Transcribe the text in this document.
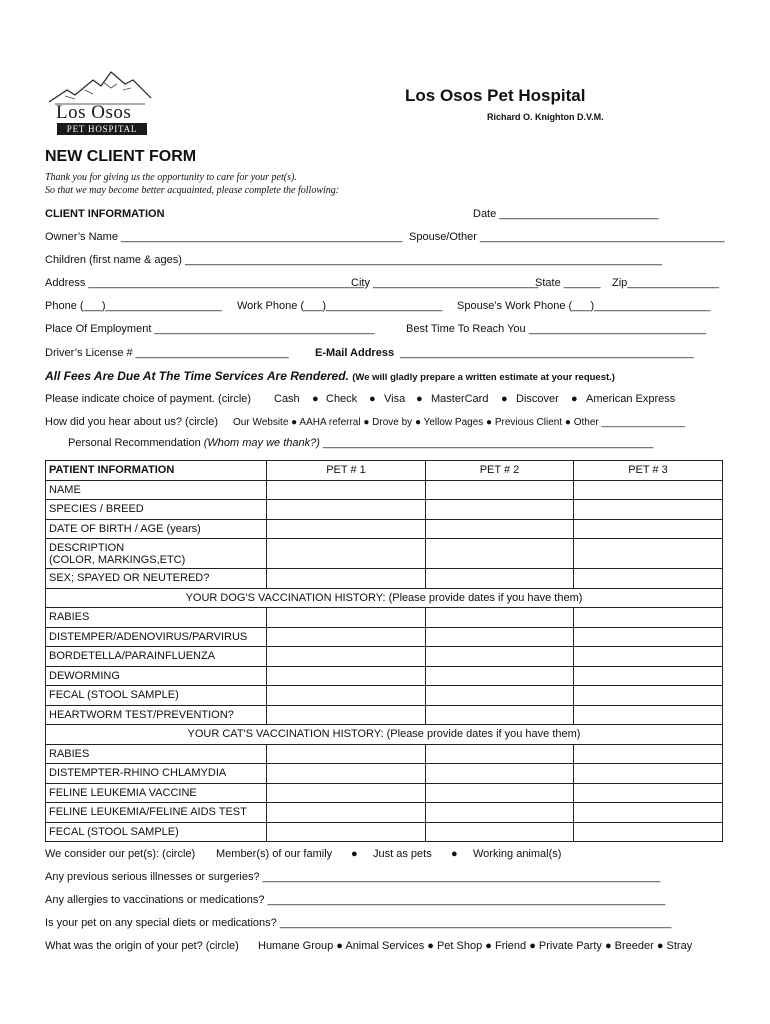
Los Osos
PET HOSPITAL
Los Osos Pet Hospital
Richard O. Knighton D.V.M.
NEW CLIENT FORM
Thank you for giving us the opportunity to care for your pet(s).
So that we may become better acquainted, please complete the following:
CLIENT INFORMATION	Date __________________________
Owner’s Name ______________________________________________ Spouse/Other ________________________________________
Children (first name & ages) ______________________________________________________________________________
Address _____________________________________________
City ___________________________
State ______ Zip_______________
Phone (___)___________________ Work Phone (___)___________________ Spouse’s Work Phone (___)___________________
Place Of Employment ____________________________________	Best Time To Reach You _____________________________
Driver’s License # _________________________ E-Mail Address ________________________________________________
All Fees Are Due At The Time Services Are Rendered. (We will gladly prepare a written estimate at your request.)
Please indicate choice of payment. (circle) Cash ● Check ● Visa ● MasterCard ● Discover ● American Express
How did you hear about us? (circle) Our Website ● AAHA referral ● Drove by ● Yellow Pages ● Previous Client ● Other _______________
Personal Recommendation (Whom may we thank?) ______________________________________________________
PATIENT INFORMATION	PET # 1	PET # 2	PET # 3
NAME			
SPECIES / BREED			
DATE OF BIRTH / AGE (years)			
DESCRIPTION
(COLOR, MARKINGS,ETC)			
SEX; SPAYED OR NEUTERED?			
YOUR DOG'S VACCINATION HISTORY: (Please provide dates if you have them)			
RABIES			
DISTEMPER/ADENOVIRUS/PARVIRUS			
BORDETELLA/PARAINFLUENZA			
DEWORMING			
FECAL (STOOL SAMPLE)			
HEARTWORM TEST/PREVENTION?			
YOUR CAT'S VACCINATION HISTORY: (Please provide dates if you have them)			
RABIES			
DISTEMPTER-RHINO CHLAMYDIA			
FELINE LEUKEMIA VACCINE			
FELINE LEUKEMIA/FELINE AIDS TEST			
FECAL (STOOL SAMPLE)			
We consider our pet(s): (circle) Member(s) of our family ● Just as pets ● Working animal(s)
Any previous serious illnesses or surgeries? _________________________________________________________________
Any allergies to vaccinations or medications? _________________________________________________________________
Is your pet on any special diets or medications? ________________________________________________________________
What was the origin of your pet? (circle) Humane Group ● Animal Services ● Pet Shop ● Friend ● Private Party ● Breeder ● Stray
